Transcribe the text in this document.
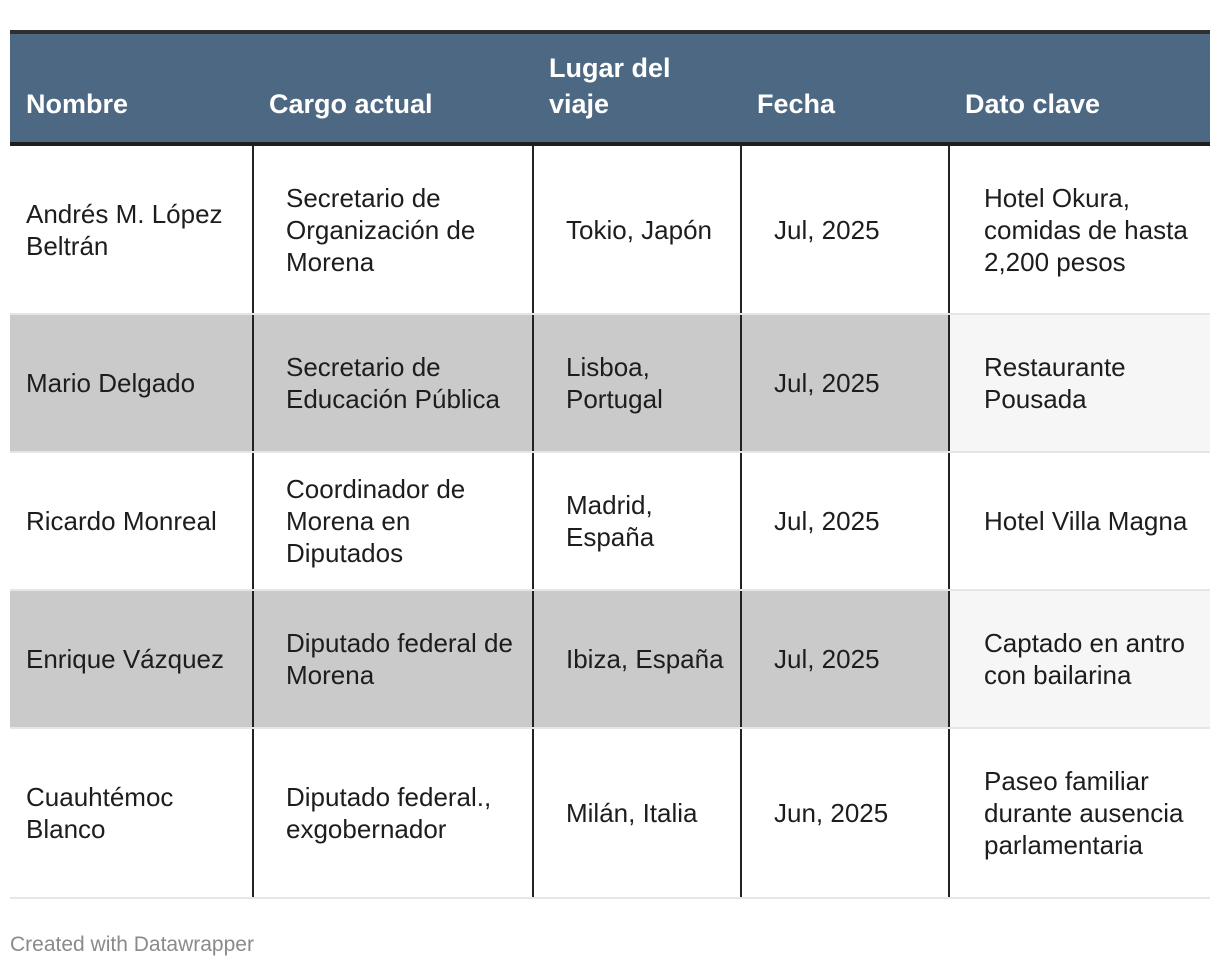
Nombre	Cargo actual	Lugar del viaje	Fecha	Dato clave
Andrés M. López Beltrán	Secretario de Organización de Morena	Tokio, Japón	Jul, 2025	Hotel Okura, comidas de hasta 2,200 pesos
Mario Delgado	Secretario de Educación Pública	Lisboa, Portugal	Jul, 2025	Restaurante Pousada
Ricardo Monreal	Coordinador de Morena en Diputados	Madrid, España	Jul, 2025	Hotel Villa Magna
Enrique Vázquez	Diputado federal de Morena	Ibiza, España	Jul, 2025	Captado en antro con bailarina
Cuauhtémoc Blanco	Diputado federal., exgobernador	Milán, Italia	Jun, 2025	Paseo familiar durante ausencia parlamentaria
Created with Datawrapper
